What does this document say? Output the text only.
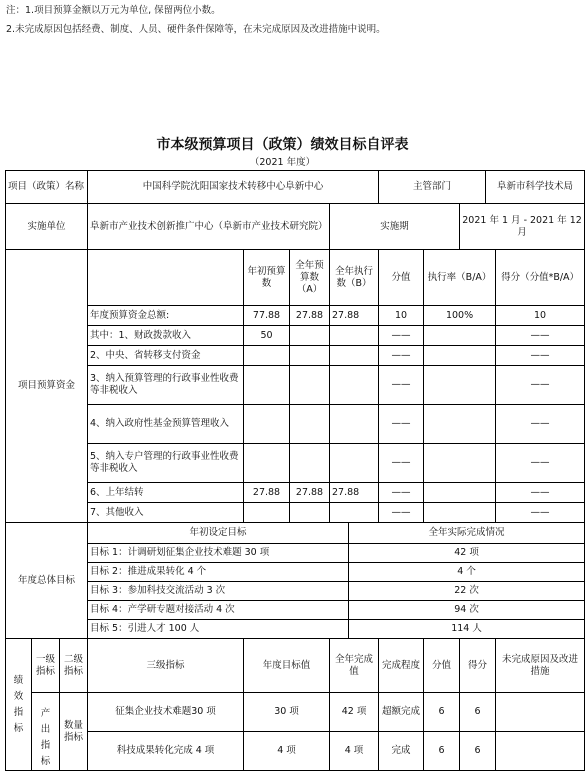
注：1.项目预算金额以万元为单位, 保留两位小数。
2.未完成原因包括经费、制度、人员、硬件条件保障等，在未完成原因及改进措施中说明。
市本级预算项目（政策）绩效目标自评表
（2021 年度）
项目（政策）名称			中国科学院沈阳国家技术转移中心阜新中心					主管部门			阜新市科学技术局	
实施单位			阜新市产业技术创新推广中心（阜新市产业技术研究院）			实施期				2021 年 1 月 - 2021 年 12 月		
项目预算资金				年初预算数	全年预算数（A）	全年执行数（B）		分值	执行率（B/A）			得分（分值*B/A）
			年度预算资金总额:	77.88	27.88	27.88		10	100%			10
			其中：1、财政拨款收入	50				——				——
			2、中央、省转移支付资金					——				——
			3、纳入预算管理的行政事业性收费等非税收入					——				——
			4、纳入政府性基金预算管理收入					——				——
			5、纳入专户管理的行政事业性收费等非税收入					——				——
			6、上年结转	27.88	27.88	27.88		——				——
			7、其他收入					——				——
年度总体目标			年初设定目标				全年实际完成情况					
			目标 1：计调研划征集企业技术难题 30 项				42 项					
			目标 2：推进成果转化 4 个				4 个					
			目标 3：参加科技交流活动 3 次				22 次					
			目标 4：产学研专题对接活动 4 次				94 次					
			目标 5：引进人才 100 人				114 人					

绩效指标	一级指标	二级指标	三级指标	年度目标值		全年完成值		完成程度	分值	得分		未完成原因及改进措施

	产出指标	数量指标	征集企业技术难题30 项	30 项		42 项		超额完成	6	6		
			科技成果转化完成 4 项	4 项		4 项		完成	6	6		
